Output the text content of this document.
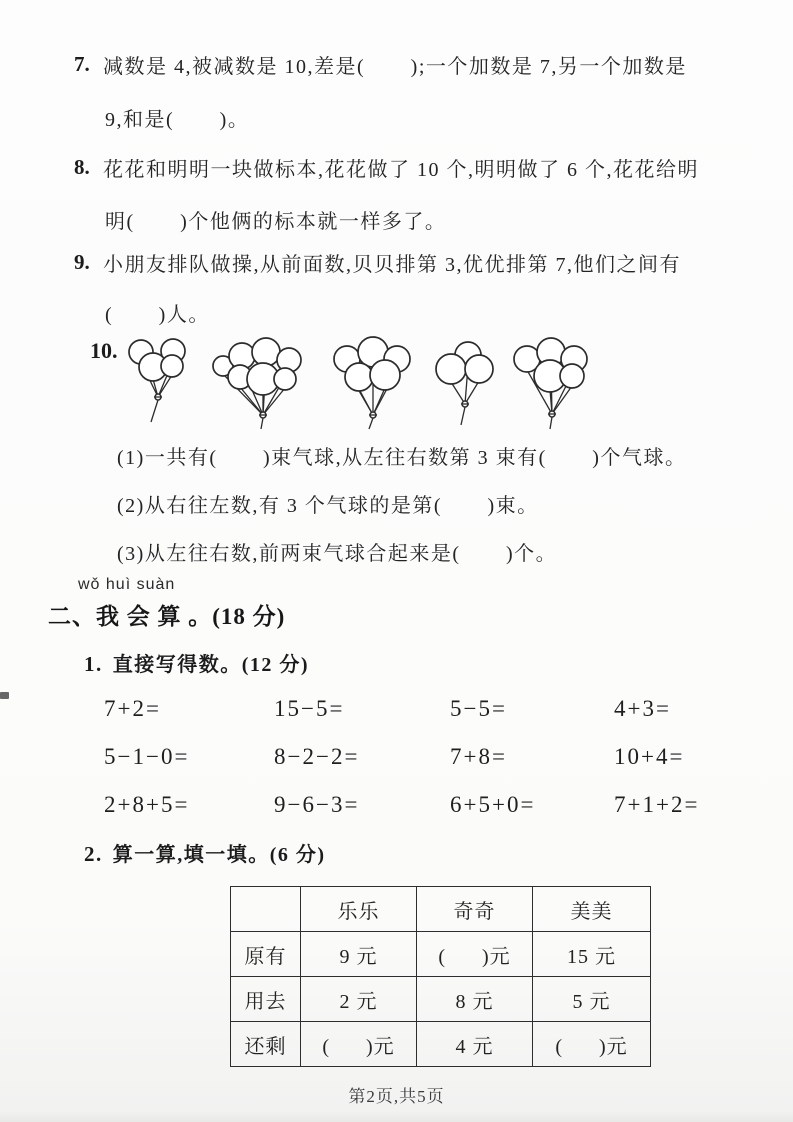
7. 减数是 4,被减数是 10,差是(       );一个加数是 7,另一个加数是
9,和是(       )。
8. 花花和明明一块做标本,花花做了 10 个,明明做了 6 个,花花给明
明(       )个他俩的标本就一样多了。
9. 小朋友排队做操,从前面数,贝贝排第 3,优优排第 7,他们之间有
(       )人。
10.
(1)一共有(       )束气球,从左往右数第 3 束有(       )个气球。
(2)从右往左数,有 3 个气球的是第(       )束。
(3)从左往右数,前两束气球合起来是(       )个。
wǒ huì suàn
二、我 会 算 。(18 分)
1. 直接写得数。(12 分)
7+2=	15−5=	5−5=	4+3=
5−1−0=	8−2−2=	7+8=	10+4=
2+8+5=	9−6−3=	6+5+0=	7+1+2=
2. 算一算,填一填。(6 分)
	乐乐	奇奇	美美
原有	9 元	(      )元	15 元
用去	2 元	8 元	5 元
还剩	(      )元	4 元	(      )元
第2页,共5页
